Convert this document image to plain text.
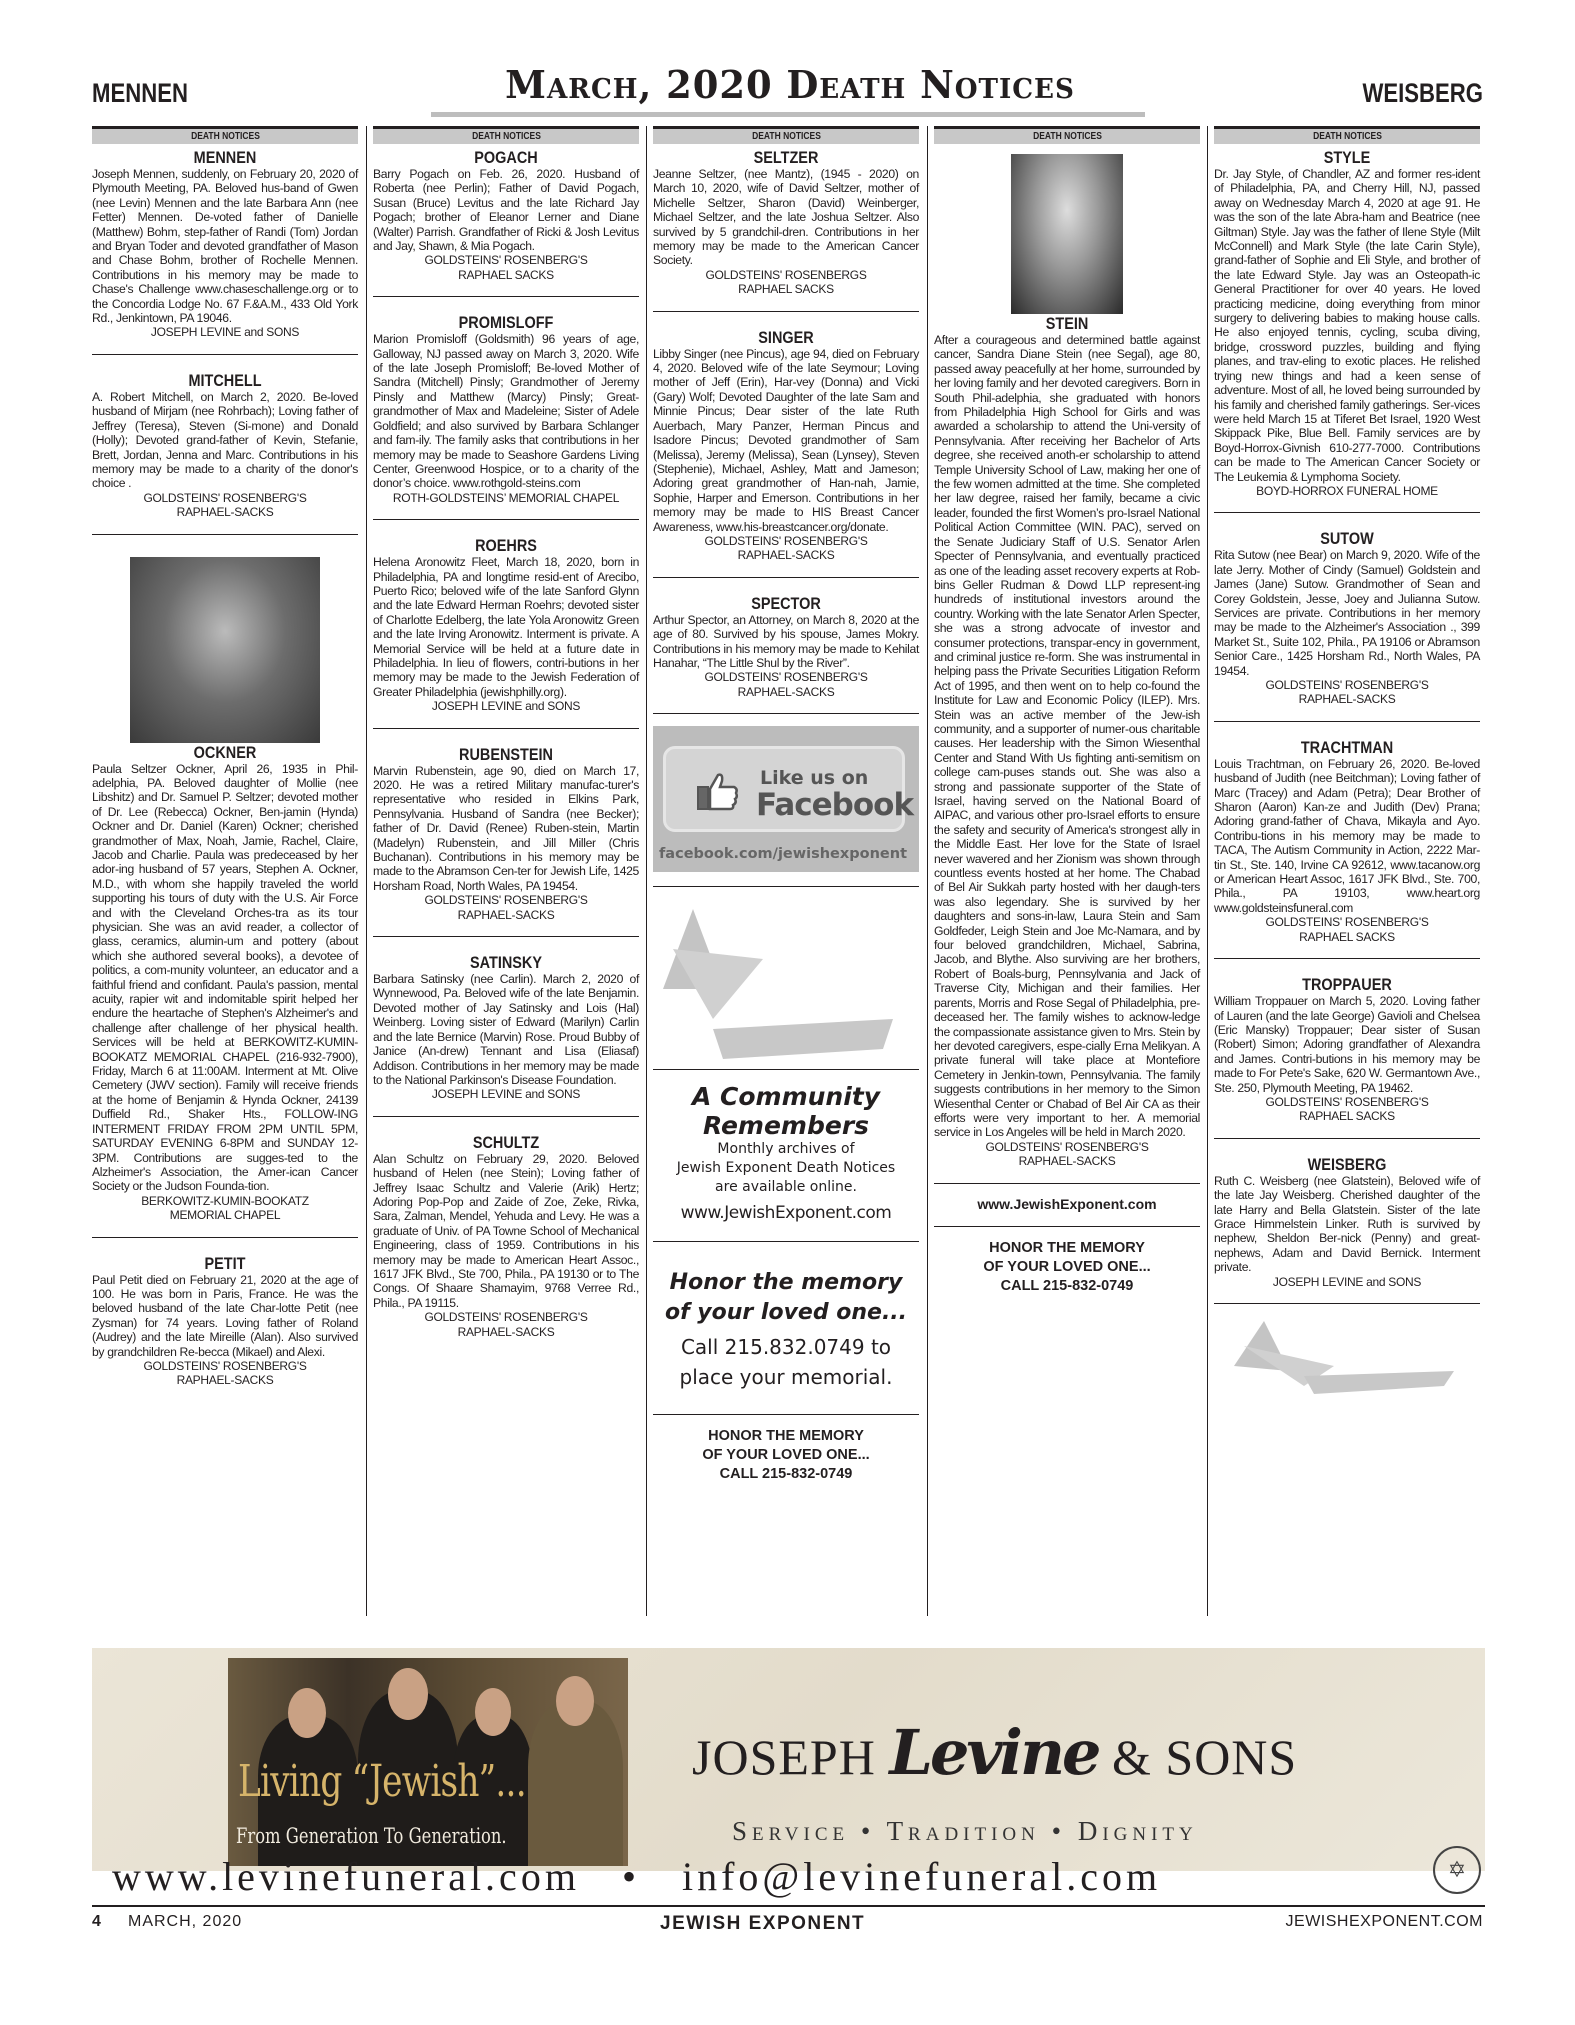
MENNEN	March, 2020 Death Notices	WEISBERG
DEATH NOTICES
MENNEN
Joseph Mennen, suddenly, on February 20, 2020 of Plymouth Meeting, PA. Beloved hus-band of Gwen (nee Levin) Mennen and the late Barbara Ann (nee Fetter) Mennen. De-voted father of Danielle (Matthew) Bohm, step-father of Randi (Tom) Jordan and Bryan Toder and devoted grandfather of Mason and Chase Bohm, brother of Rochelle Mennen. Contributions in his memory may be made to Chase's Challenge www.chaseschallenge.org or to the Concordia Lodge No. 67 F.&A.M., 433 Old York Rd., Jenkintown, PA 19046.
JOSEPH LEVINE and SONS
MITCHELL
A. Robert Mitchell, on March 2, 2020. Be-loved husband of Mirjam (nee Rohrbach); Loving father of Jeffrey (Teresa), Steven (Si-mone) and Donald (Holly); Devoted grand-father of Kevin, Stefanie, Brett, Jordan, Jenna and Marc. Contributions in his memory may be made to a charity of the donor's choice .
GOLDSTEINS' ROSENBERG'S
RAPHAEL-SACKS
OCKNER
Paula Seltzer Ockner, April 26, 1935 in Phil-adelphia, PA. Beloved daughter of Mollie (nee Libshitz) and Dr. Samuel P. Seltzer; devoted mother of Dr. Lee (Rebecca) Ockner, Ben-jamin (Hynda) Ockner and Dr. Daniel (Karen) Ockner; cherished grandmother of Max, Noah, Jamie, Rachel, Claire, Jacob and Charlie. Paula was predeceased by her ador-ing husband of 57 years, Stephen A. Ockner, M.D., with whom she happily traveled the world supporting his tours of duty with the U.S. Air Force and with the Cleveland Orches-tra as its tour physician. She was an avid reader, a collector of glass, ceramics, alumin-um and pottery (about which she authored several books), a devotee of politics, a com-munity volunteer, an educator and a faithful friend and confidant. Paula's passion, mental acuity, rapier wit and indomitable spirit helped her endure the heartache of Stephen's Alzheimer's and challenge after challenge of her physical health. Services will be held at BERKOWITZ-KUMIN-BOOKATZ MEMORIAL CHAPEL (216-932-7900), Friday, March 6 at 11:00AM. Interment at Mt. Olive Cemetery (JWV section). Family will receive friends at the home of Benjamin & Hynda Ockner, 24139 Duffield Rd., Shaker Hts., FOLLOW-ING INTERMENT FRIDAY FROM 2PM UNTIL 5PM, SATURDAY EVENING 6-8PM and SUNDAY 12-3PM. Contributions are sugges-ted to the Alzheimer's Association, the Amer-ican Cancer Society or the Judson Founda-tion.
BERKOWITZ-KUMIN-BOOKATZ
MEMORIAL CHAPEL
PETIT
Paul Petit died on February 21, 2020 at the age of 100. He was born in Paris, France. He was the beloved husband of the late Char-lotte Petit (nee Zysman) for 74 years. Loving father of Roland (Audrey) and the late Mireille (Alan). Also survived by grandchildren Re-becca (Mikael) and Alexi.
GOLDSTEINS' ROSENBERG'S
RAPHAEL-SACKS
DEATH NOTICES
POGACH
Barry Pogach on Feb. 26, 2020. Husband of Roberta (nee Perlin); Father of David Pogach, Susan (Bruce) Levitus and the late Richard Jay Pogach; brother of Eleanor Lerner and Diane (Walter) Parrish. Grandfather of Ricki & Josh Levitus and Jay, Shawn, & Mia Pogach.
GOLDSTEINS' ROSENBERG'S
RAPHAEL SACKS
PROMISLOFF
Marion Promisloff (Goldsmith) 96 years of age, Galloway, NJ passed away on March 3, 2020. Wife of the late Joseph Promisloff; Be-loved Mother of Sandra (Mitchell) Pinsly; Grandmother of Jeremy Pinsly and Matthew (Marcy) Pinsly; Great-grandmother of Max and Madeleine; Sister of Adele Goldfield; and also survived by Barbara Schlanger and fam-ily. The family asks that contributions in her memory may be made to Seashore Gardens Living Center, Greenwood Hospice, or to a charity of the donor’s choice. www.rothgold-steins.com
ROTH-GOLDSTEINS’ MEMORIAL CHAPEL
ROEHRS
Helena Aronowitz Fleet, March 18, 2020, born in Philadelphia, PA and longtime resid-ent of Arecibo, Puerto Rico; beloved wife of the late Sanford Glynn and the late Edward Herman Roehrs; devoted sister of Charlotte Edelberg, the late Yola Aronowitz Green and the late Irving Aronowitz. Interment is private. A Memorial Service will be held at a future date in Philadelphia. In lieu of flowers, contri-butions in her memory may be made to the Jewish Federation of Greater Philadelphia (jewishphilly.org).
JOSEPH LEVINE and SONS
RUBENSTEIN
Marvin Rubenstein, age 90, died on March 17, 2020. He was a retired Military manufac-turer's representative who resided in Elkins Park, Pennsylvania. Husband of Sandra (nee Becker); father of Dr. David (Renee) Ruben-stein, Martin (Madelyn) Rubenstein, and Jill Miller (Chris Buchanan). Contributions in his memory may be made to the Abramson Cen-ter for Jewish Life, 1425 Horsham Road, North Wales, PA 19454.
GOLDSTEINS' ROSENBERG'S
RAPHAEL-SACKS
SATINSKY
Barbara Satinsky (nee Carlin). March 2, 2020 of Wynnewood, Pa. Beloved wife of the late Benjamin. Devoted mother of Jay Satinsky and Lois (Hal) Weinberg. Loving sister of Edward (Marilyn) Carlin and the late Bernice (Marvin) Rose. Proud Bubby of Janice (An-drew) Tennant and Lisa (Eliasaf) Addison. Contributions in her memory may be made to the National Parkinson's Disease Foundation.
JOSEPH LEVINE and SONS
SCHULTZ
Alan Schultz on February 29, 2020. Beloved husband of Helen (nee Stein); Loving father of Jeffrey Isaac Schultz and Valerie (Arik) Hertz; Adoring Pop-Pop and Zaide of Zoe, Zeke, Rivka, Sara, Zalman, Mendel, Yehuda and Levy. He was a graduate of Univ. of PA Towne School of Mechanical Engineering, class of 1959. Contributions in his memory may be made to American Heart Assoc., 1617 JFK Blvd., Ste 700, Phila., PA 19130 or to The Congs. Of Shaare Shamayim, 9768 Verree Rd., Phila., PA 19115.
GOLDSTEINS' ROSENBERG'S
RAPHAEL-SACKS
DEATH NOTICES
SELTZER
Jeanne Seltzer, (nee Mantz), (1945 - 2020) on March 10, 2020, wife of David Seltzer, mother of Michelle Seltzer, Sharon (David) Weinberger, Michael Seltzer, and the late Joshua Seltzer. Also survived by 5 grandchil-dren. Contributions in her memory may be made to the American Cancer Society.
GOLDSTEINS' ROSENBERGS
RAPHAEL SACKS
SINGER
Libby Singer (nee Pincus), age 94, died on February 4, 2020. Beloved wife of the late Seymour; Loving mother of Jeff (Erin), Har-vey (Donna) and Vicki (Gary) Wolf; Devoted Daughter of the late Sam and Minnie Pincus; Dear sister of the late Ruth Auerbach, Mary Panzer, Herman Pincus and Isadore Pincus; Devoted grandmother of Sam (Melissa), Jeremy (Melissa), Sean (Lynsey), Steven (Stephenie), Michael, Ashley, Matt and Jameson; Adoring great grandmother of Han-nah, Jamie, Sophie, Harper and Emerson. Contributions in her memory may be made to HIS Breast Cancer Awareness, www.his-breastcancer.org/donate.
GOLDSTEINS' ROSENBERG'S
RAPHAEL-SACKS
SPECTOR
Arthur Spector, an Attorney, on March 8, 2020 at the age of 80. Survived by his spouse, James Mokry. Contributions in his memory may be made to Kehilat Hanahar, “The Little Shul by the River”.
GOLDSTEINS' ROSENBERG'S
RAPHAEL-SACKS
Like us on
Facebook
facebook.com/jewishexponent
A Community
Remembers
Monthly archives of
Jewish Exponent Death Notices
are available online.
www.JewishExponent.com
Honor the memory
of your loved one...
Call 215.832.0749 to
place your memorial.
HONOR THE MEMORY
OF YOUR LOVED ONE...
CALL 215-832-0749
DEATH NOTICES
STEIN
After a courageous and determined battle against cancer, Sandra Diane Stein (nee Segal), age 80, passed away peacefully at her home, surrounded by her loving family and her devoted caregivers. Born in South Phil-adelphia, she graduated with honors from Philadelphia High School for Girls and was awarded a scholarship to attend the Uni-versity of Pennsylvania. After receiving her Bachelor of Arts degree, she received anoth-er scholarship to attend Temple University School of Law, making her one of the few women admitted at the time. She completed her law degree, raised her family, became a civic leader, founded the first Women’s pro-Israel National Political Action Committee (WIN. PAC), served on the Senate Judiciary Staff of U.S. Senator Arlen Specter of Pennsylvania, and eventually practiced as one of the leading asset recovery experts at Rob-bins Geller Rudman & Dowd LLP represent-ing hundreds of institutional investors around the country. Working with the late Senator Arlen Specter, she was a strong advocate of investor and consumer protections, transpar-ency in government, and criminal justice re-form. She was instrumental in helping pass the Private Securities Litigation Reform Act of 1995, and then went on to help co-found the Institute for Law and Economic Policy (ILEP). Mrs. Stein was an active member of the Jew-ish community, and a supporter of numer-ous charitable causes. Her leadership with the Simon Wiesenthal Center and Stand With Us fighting anti-semitism on college cam-puses stands out. She was also a strong and passionate supporter of the State of Israel, having served on the National Board of AIPAC, and various other pro-Israel efforts to ensure the safety and security of America's strongest ally in the Middle East. Her love for the State of Israel never wavered and her Zionism was shown through countless events hosted at her home. The Chabad of Bel Air Sukkah party hosted with her daugh-ters was also legendary. She is survived by her daughters and sons-in-law, Laura Stein and Sam Goldfeder, Leigh Stein and Joe Mc-Namara, and by four beloved grandchildren, Michael, Sabrina, Jacob, and Blythe. Also surviving are her brothers, Robert of Boals-burg, Pennsylvania and Jack of Traverse City, Michigan and their families. Her parents, Morris and Rose Segal of Philadelphia, pre-deceased her. The family wishes to acknow-ledge the compassionate assistance given to Mrs. Stein by her devoted caregivers, espe-cially Erna Melikyan. A private funeral will take place at Montefiore Cemetery in Jenkin-town, Pennsylvania. The family suggests contributions in her memory to the Simon Wiesenthal Center or Chabad of Bel Air CA as their efforts were very important to her. A memorial service in Los Angeles will be held in March 2020.
GOLDSTEINS' ROSENBERG'S
RAPHAEL-SACKS
www.JewishExponent.com
HONOR THE MEMORY
OF YOUR LOVED ONE...
CALL 215-832-0749
DEATH NOTICES
STYLE
Dr. Jay Style, of Chandler, AZ and former res-ident of Philadelphia, PA, and Cherry Hill, NJ, passed away on Wednesday March 4, 2020 at age 91. He was the son of the late Abra-ham and Beatrice (nee Giltman) Style. Jay was the father of Ilene Style (Milt McConnell) and Mark Style (the late Carin Style), grand-father of Sophie and Eli Style, and brother of the late Edward Style. Jay was an Osteopath-ic General Practitioner for over 40 years. He loved practicing medicine, doing everything from minor surgery to delivering babies to making house calls. He also enjoyed tennis, cycling, scuba diving, bridge, crossword puzzles, building and flying planes, and trav-eling to exotic places. He relished trying new things and had a keen sense of adventure. Most of all, he loved being surrounded by his family and cherished family gatherings. Ser-vices were held March 15 at Tiferet Bet Israel, 1920 West Skippack Pike, Blue Bell. Family services are by Boyd-Horrox-Givnish 610-277-7000. Contributions can be made to The American Cancer Society or The Leukemia & Lymphoma Society.
BOYD-HORROX FUNERAL HOME
SUTOW
Rita Sutow (nee Bear) on March 9, 2020. Wife of the late Jerry. Mother of Cindy (Samuel) Goldstein and James (Jane) Sutow. Grandmother of Sean and Corey Goldstein, Jesse, Joey and Julianna Sutow. Services are private. Contributions in her memory may be made to the Alzheimer's Association ., 399 Market St., Suite 102, Phila., PA 19106 or Abramson Senior Care., 1425 Horsham Rd., North Wales, PA 19454.
GOLDSTEINS' ROSENBERG'S
RAPHAEL-SACKS
TRACHTMAN
Louis Trachtman, on February 26, 2020. Be-loved husband of Judith (nee Beitchman); Loving father of Marc (Tracey) and Adam (Petra); Dear Brother of Sharon (Aaron) Kan-ze and Judith (Dev) Prana; Adoring grand-father of Chava, Mikayla and Ayo. Contribu-tions in his memory may be made to TACA, The Autism Community in Action, 2222 Mar-tin St., Ste. 140, Irvine CA 92612, www.tacanow.org or American Heart Assoc, 1617 JFK Blvd., Ste. 700, Phila., PA 19103, www.heart.org www.goldsteinsfuneral.com
GOLDSTEINS' ROSENBERG'S
RAPHAEL SACKS
TROPPAUER
William Troppauer on March 5, 2020. Loving father of Lauren (and the late George) Gavioli and Chelsea (Eric Mansky) Troppauer; Dear sister of Susan (Robert) Simon; Adoring grandfather of Alexandra and James. Contri-butions in his memory may be made to For Pete's Sake, 620 W. Germantown Ave., Ste. 250, Plymouth Meeting, PA 19462.
GOLDSTEINS' ROSENBERG'S
RAPHAEL SACKS
WEISBERG
Ruth C. Weisberg (nee Glatstein), Beloved wife of the late Jay Weisberg. Cherished daughter of the late Harry and Bella Glatstein. Sister of the late Grace Himmelstein Linker. Ruth is survived by nephew, Sheldon Ber-nick (Penny) and great-nephews, Adam and David Bernick. Interment private.
JOSEPH LEVINE and SONS
Living “Jewish”...
From Generation To Generation.
JOSEPH Levine & SONS
Service • Tradition • Dignity
www.levinefuneral.com • info@levinefuneral.com	✡
4 MARCH, 2020	JEWISH EXPONENT	JEWISHEXPONENT.COM
